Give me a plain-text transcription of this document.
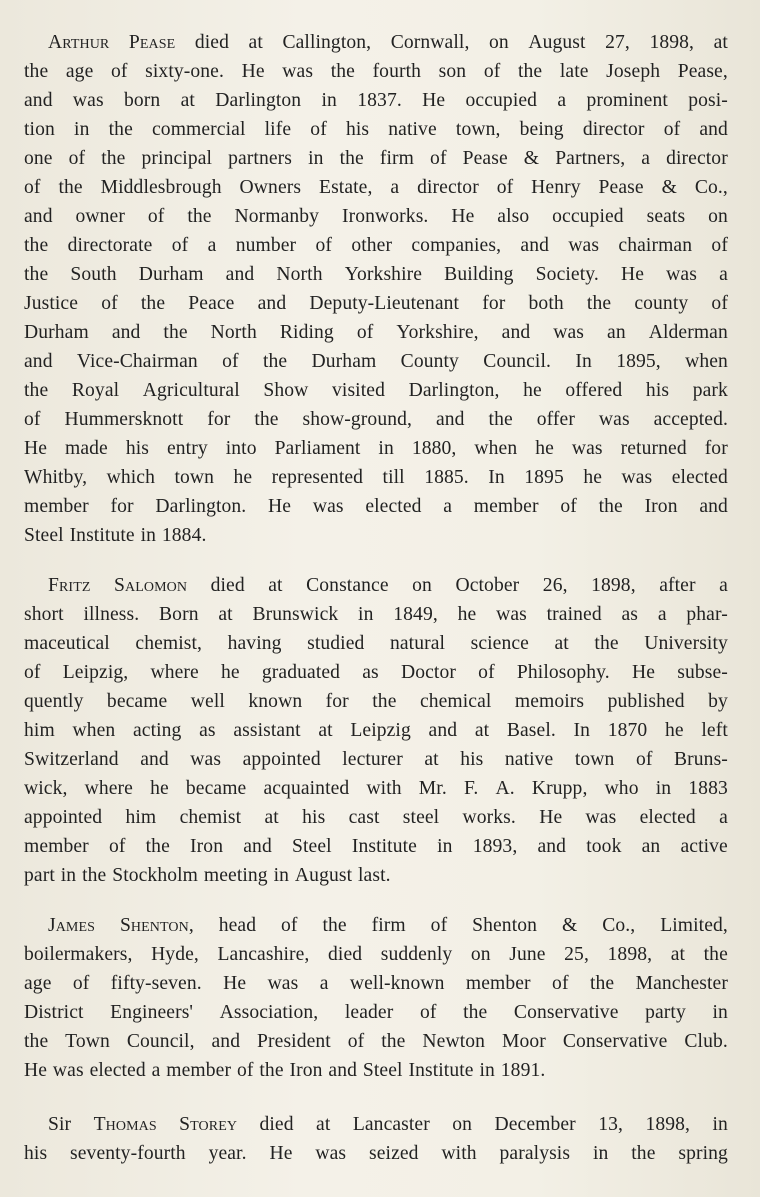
Arthur Pease died at Callington, Cornwall, on August 27, 1898, at
the age of sixty-one. He was the fourth son of the late Joseph Pease,
and was born at Darlington in 1837. He occupied a prominent posi-
tion in the commercial life of his native town, being director of and
one of the principal partners in the firm of Pease & Partners, a director
of the Middlesbrough Owners Estate, a director of Henry Pease & Co.,
and owner of the Normanby Ironworks. He also occupied seats on
the directorate of a number of other companies, and was chairman of
the South Durham and North Yorkshire Building Society. He was a
Justice of the Peace and Deputy-Lieutenant for both the county of
Durham and the North Riding of Yorkshire, and was an Alderman
and Vice-Chairman of the Durham County Council. In 1895, when
the Royal Agricultural Show visited Darlington, he offered his park
of Hummersknott for the show-ground, and the offer was accepted.
He made his entry into Parliament in 1880, when he was returned for
Whitby, which town he represented till 1885. In 1895 he was elected
member for Darlington. He was elected a member of the Iron and
Steel Institute in 1884.
Fritz Salomon died at Constance on October 26, 1898, after a
short illness. Born at Brunswick in 1849, he was trained as a phar-
maceutical chemist, having studied natural science at the University
of Leipzig, where he graduated as Doctor of Philosophy. He subse-
quently became well known for the chemical memoirs published by
him when acting as assistant at Leipzig and at Basel. In 1870 he left
Switzerland and was appointed lecturer at his native town of Bruns-
wick, where he became acquainted with Mr. F. A. Krupp, who in 1883
appointed him chemist at his cast steel works. He was elected a
member of the Iron and Steel Institute in 1893, and took an active
part in the Stockholm meeting in August last.
James Shenton, head of the firm of Shenton & Co., Limited,
boilermakers, Hyde, Lancashire, died suddenly on June 25, 1898, at the
age of fifty-seven. He was a well-known member of the Manchester
District Engineers' Association, leader of the Conservative party in
the Town Council, and President of the Newton Moor Conservative Club.
He was elected a member of the Iron and Steel Institute in 1891.
Sir Thomas Storey died at Lancaster on December 13, 1898, in
his seventy-fourth year. He was seized with paralysis in the spring
